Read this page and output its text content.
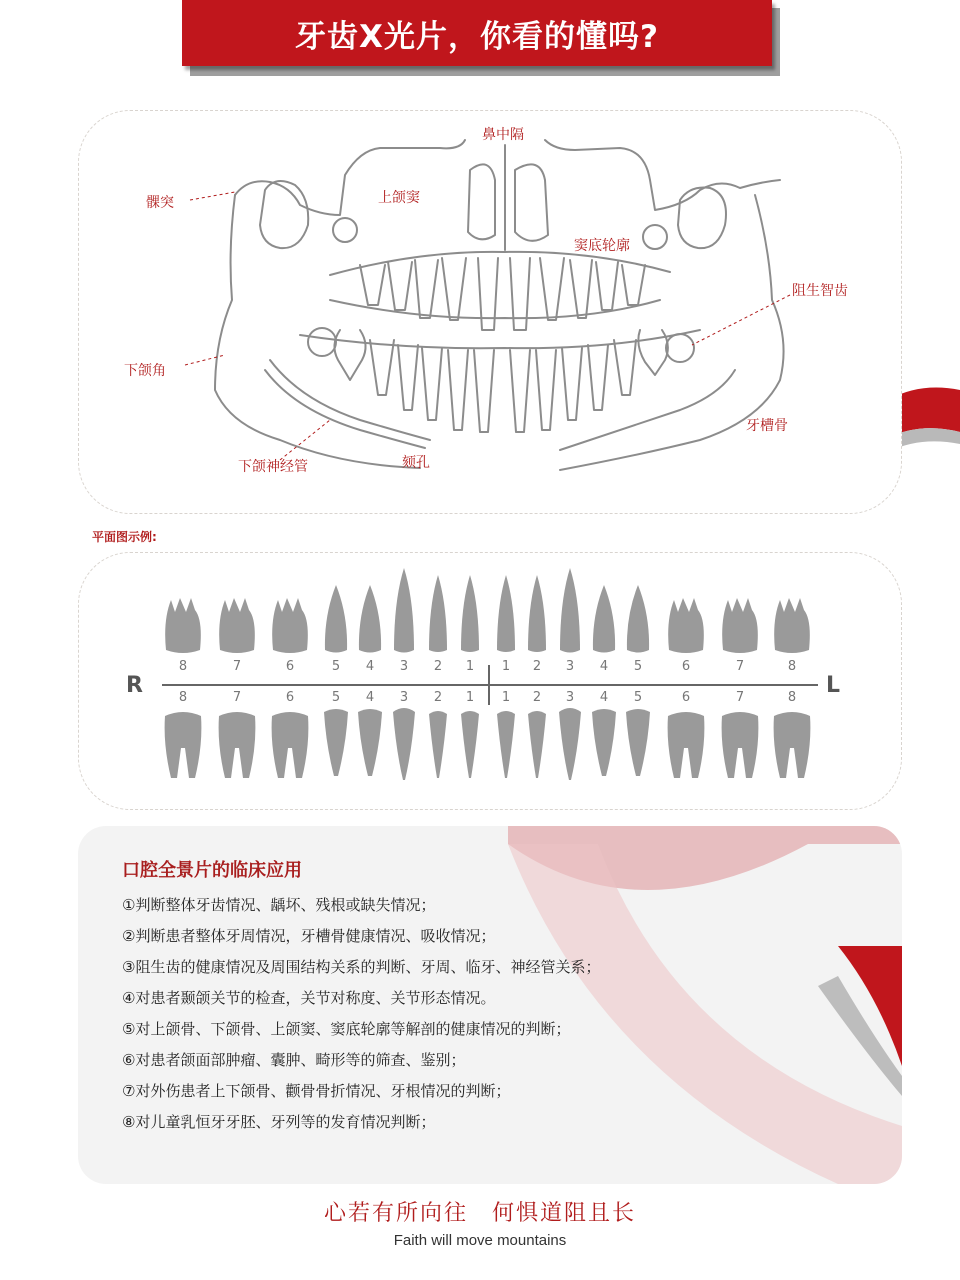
牙齿X光片，你看的懂吗?
鼻中隔
髁突	上颌窦
窦底轮廓
阻生智齿
下颌角
牙槽骨
下颌神经管	颏孔
平面图示例:
R	L
8
8
7
7
6
6
5
5
4
4
3
3
2
2
1
1
1
1
2
2
3
3
4
4
5
5
6
6
7
7
8
8
口腔全景片的临床应用
①判断整体牙齿情况、龋坏、残根或缺失情况；
②判断患者整体牙周情况，牙槽骨健康情况、吸收情况；
③阻生齿的健康情况及周围结构关系的判断、牙周、临牙、神经管关系；
④对患者颞颌关节的检查，关节对称度、关节形态情况。
⑤对上颌骨、下颌骨、上颌窦、窦底轮廓等解剖的健康情况的判断；
⑥对患者颌面部肿瘤、囊肿、畸形等的筛查、鉴别；
⑦对外伤患者上下颌骨、颧骨骨折情况、牙根情况的判断；
⑧对儿童乳恒牙牙胚、牙列等的发育情况判断；
心若有所向往　何惧道阻且长
Faith will move mountains
